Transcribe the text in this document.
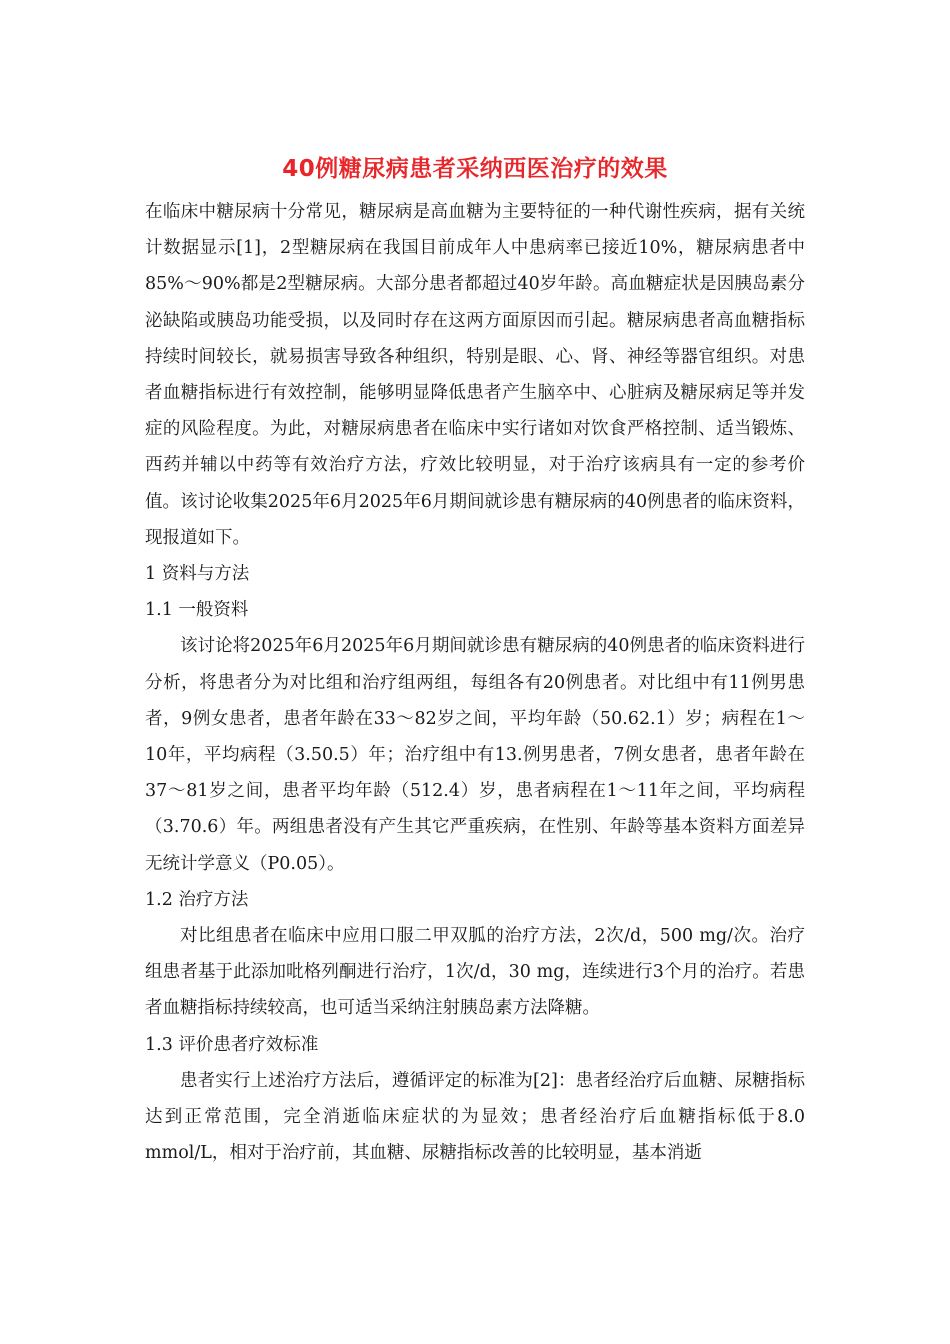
40例糖尿病患者采纳西医治疗的效果

在临床中糖尿病十分常见，糖尿病是高血糖为主要特征的一种代谢性疾病，据有关统计数据显示[1]，2型糖尿病在我国目前成年人中患病率已接近10%，糖尿病患者中85%～90%都是2型糖尿病。大部分患者都超过40岁年龄。高血糖症状是因胰岛素分泌缺陷或胰岛功能受损，以及同时存在这两方面原因而引起。糖尿病患者高血糖指标持续时间较长，就易损害导致各种组织，特别是眼、心、肾、神经等器官组织。对患者血糖指标进行有效控制，能够明显降低患者产生脑卒中、心脏病及糖尿病足等并发症的风险程度。为此，对糖尿病患者在临床中实行诸如对饮食严格控制、适当锻炼、西药并辅以中药等有效治疗方法，疗效比较明显，对于治疗该病具有一定的参考价值。该讨论收集2025年6月2025年6月期间就诊患有糖尿病的40例患者的临床资料，现报道如下。

1 资料与方法

1.1 一般资料

该讨论将2025年6月2025年6月期间就诊患有糖尿病的40例患者的临床资料进行分析，将患者分为对比组和治疗组两组，每组各有20例患者。对比组中有11例男患者，9例女患者，患者年龄在33～82岁之间，平均年龄（50.62.1）岁；病程在1～10年，平均病程（3.50.5）年；治疗组中有13.例男患者，7例女患者，患者年龄在37～81岁之间，患者平均年龄（512.4）岁，患者病程在1～11年之间，平均病程（3.70.6）年。两组患者没有产生其它严重疾病，在性别、年龄等基本资料方面差异无统计学意义（P0.05）。

1.2 治疗方法

对比组患者在临床中应用口服二甲双胍的治疗方法，2次/d，500 mg/次。治疗组患者基于此添加吡格列酮进行治疗，1次/d，30 mg，连续进行3个月的治疗。若患者血糖指标持续较高，也可适当采纳注射胰岛素方法降糖。

1.3 评价患者疗效标准

患者实行上述治疗方法后，遵循评定的标准为[2]：患者经治疗后血糖、尿糖指标达到正常范围，完全消逝临床症状的为显效；患者经治疗后血糖指标低于8.0 mmol/L，相对于治疗前，其血糖、尿糖指标改善的比较明显，基本消逝
